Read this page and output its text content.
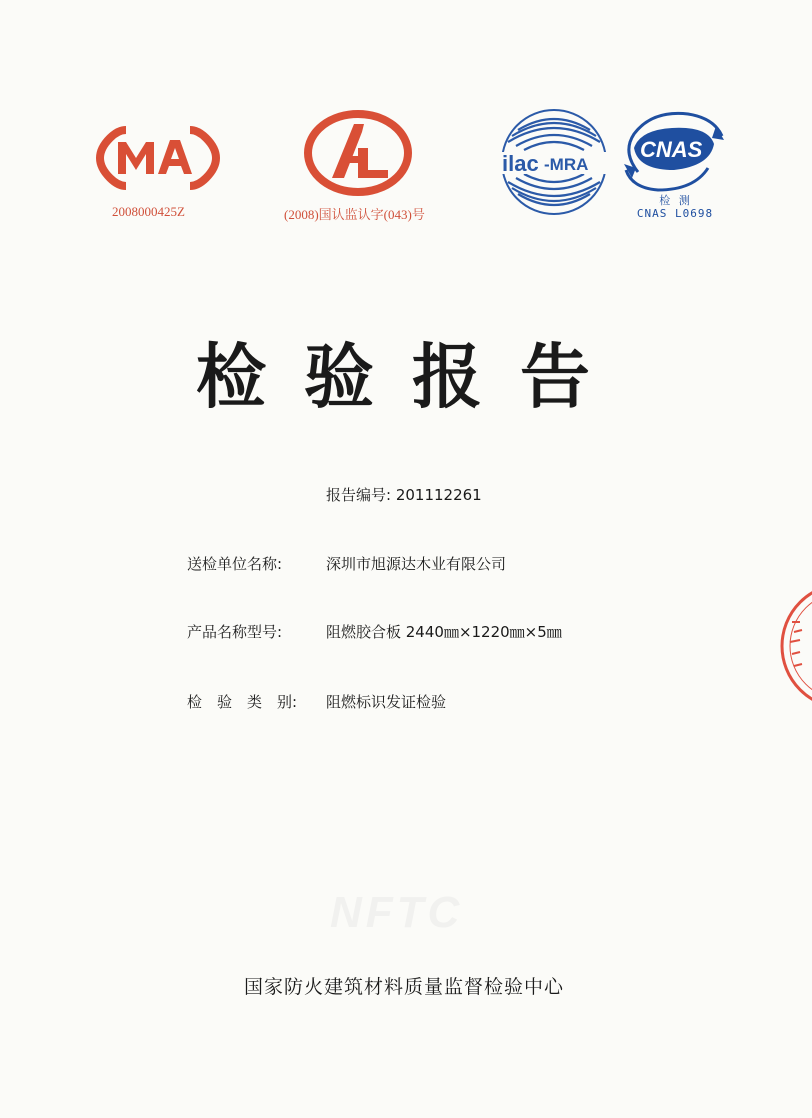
2008000425Z	(2008)国认监认字(043)号
ilac -MRA
CNAS
检 测
CNAS L0698
检验报告
报告编号: 201112261
送检单位名称:	深圳市旭源达木业有限公司
产品名称型号:	阻燃胶合板 2440㎜×1220㎜×5㎜
检　验　类　别: 阻燃标识发证检验
NFTC
国家防火建筑材料质量监督检验中心
